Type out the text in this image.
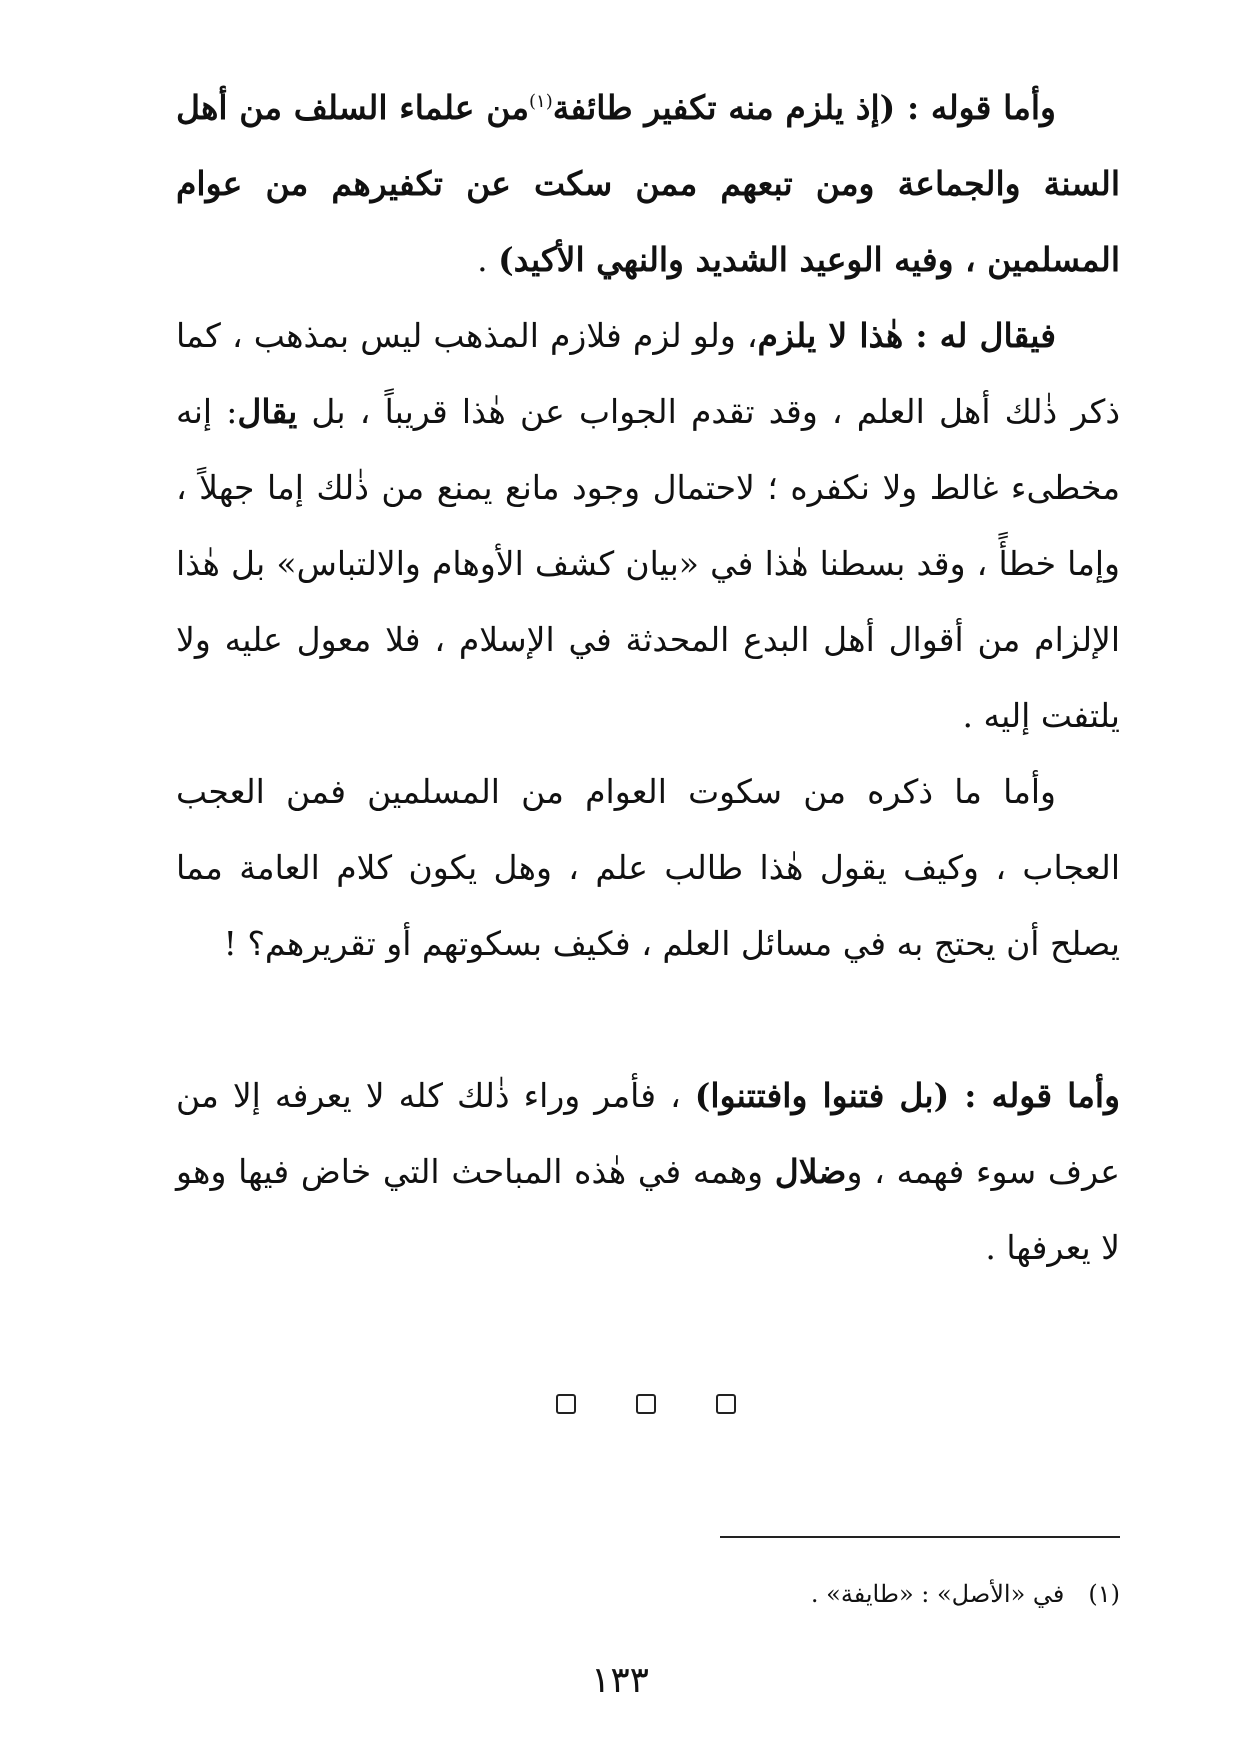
وأما قوله : (إذ يلزم منه تكفير طائفة$^{(١)}$من علماء السلف من أهل السنة والجماعة ومن تبعهم ممن سكت عن تكفيرهم من عوام المسلمين ، وفيه الوعيد الشديد والنهي الأكيد) .

فيقال له : هٰذا لا يلزم، ولو لزم فلازم المذهب ليس بمذهب ، كما ذكر ذٰلك أهل العلم ، وقد تقدم الجواب عن هٰذا قريباً ، بل يقال: إنه مخطىء غالط ولا نكفره ؛ لاحتمال وجود مانع يمنع من ذٰلك إما جهلاً ، وإما خطأً ، وقد بسطنا هٰذا في «بيان كشف الأوهام والالتباس» بل هٰذا الإلزام من أقوال أهل البدع المحدثة في الإسلام ، فلا معول عليه ولا يلتفت إليه .

وأما ما ذكره من سكوت العوام من المسلمين فمن العجب العجاب ، وكيف يقول هٰذا طالب علم ، وهل يكون كلام العامة مما يصلح أن يحتج به في مسائل العلم ، فكيف بسكوتهم أو تقريرهم؟ !

وأما قوله : (بل فتنوا وافتتنوا) ، فأمر وراء ذٰلك كله لا يعرفه إلا من عرف سوء فهمه ، وضلال وهمه في هٰذه المباحث التي خاض فيها وهو لا يعرفها .

(١)في «الأصل» : «طايفة» .
١٣٣
